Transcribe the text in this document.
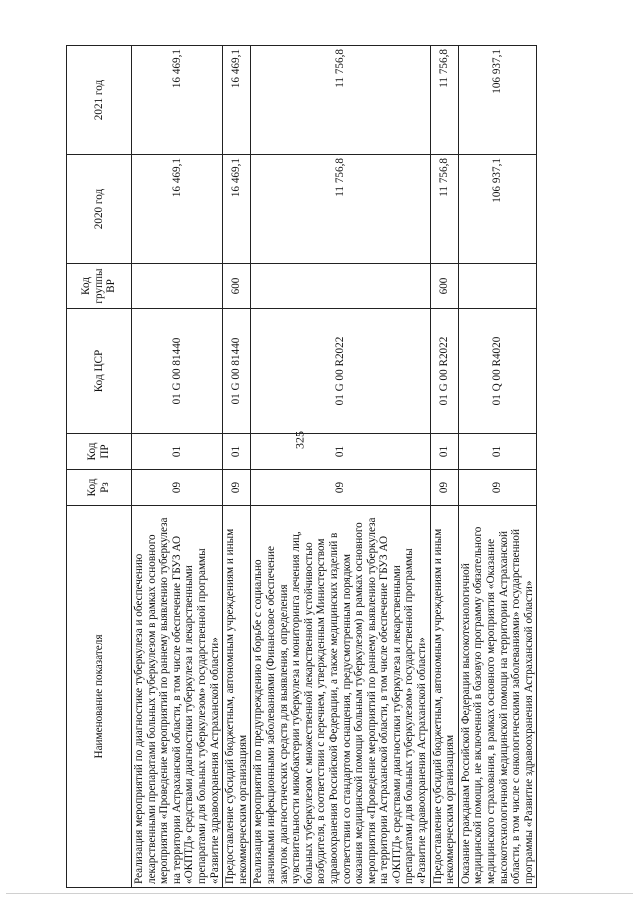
325
Наименование показателя	Код Рз	Код ПР	Код ЦСР	Код группы ВР	2020 год	2021 год
Реализация мероприятий по диагностике туберкулеза и обеспечению лекарственными препаратами больных туберкулезом в рамках основного мероприятия «Проведение мероприятий по раннему выявлению туберкулеза на территории Астраханской области, в том числе обеспечение ГБУЗ АО «ОКПТД» средствами диагностики туберкулеза и лекарственными препаратами для больных туберкулезом» государственной программы «Развитие здравоохранения Астраханской области»	09	01	01 G 00 81440		16 469,1	16 469,1
Предоставление субсидий бюджетным, автономным учреждениям и иным некоммерческим организациям	09	01	01 G 00 81440	600	16 469,1	16 469,1
Реализация мероприятий по предупреждению и борьбе с социально значимыми инфекционными заболеваниями (Финансовое обеспечение закупок диагностических средств для выявления, определения чувствительности микобактерии туберкулеза и мониторинга лечения лиц, больных туберкулезом с множественной лекарственной устойчивостью возбудителя, в соответствии с перечнем, утвержденным Министерством здравоохранения Российской Федерации, а также медицинских изделий в соответствии со стандартом оснащения, предусмотренным порядком оказания медицинской помощи больным туберкулезом) в рамках основного мероприятия «Проведение мероприятий по раннему выявлению туберкулеза на территории Астраханской области, в том числе обеспечение ГБУЗ АО «ОКПТД» средствами диагностики туберкулеза и лекарственными препаратами для больных туберкулезом» государственной программы «Развитие здравоохранения Астраханской области»	09	01	01 G 00 R2022		11 756,8	11 756,8
Предоставление субсидий бюджетным, автономным учреждениям и иным некоммерческим организациям	09	01	01 G 00 R2022	600	11 756,8	11 756,8
Оказание гражданам Российской Федерации высокотехнологичной медицинской помощи, не включенной в базовую программу обязательного медицинского страхования, в рамках основного мероприятия «Оказание высокотехнологичной медицинской помощи на территории Астраханской области, в том числе с онкологическими заболеваниями» государственной программы «Развитие здравоохранения Астраханской области»	09	01	01 Q 00 R4020		106 937,1	106 937,1
